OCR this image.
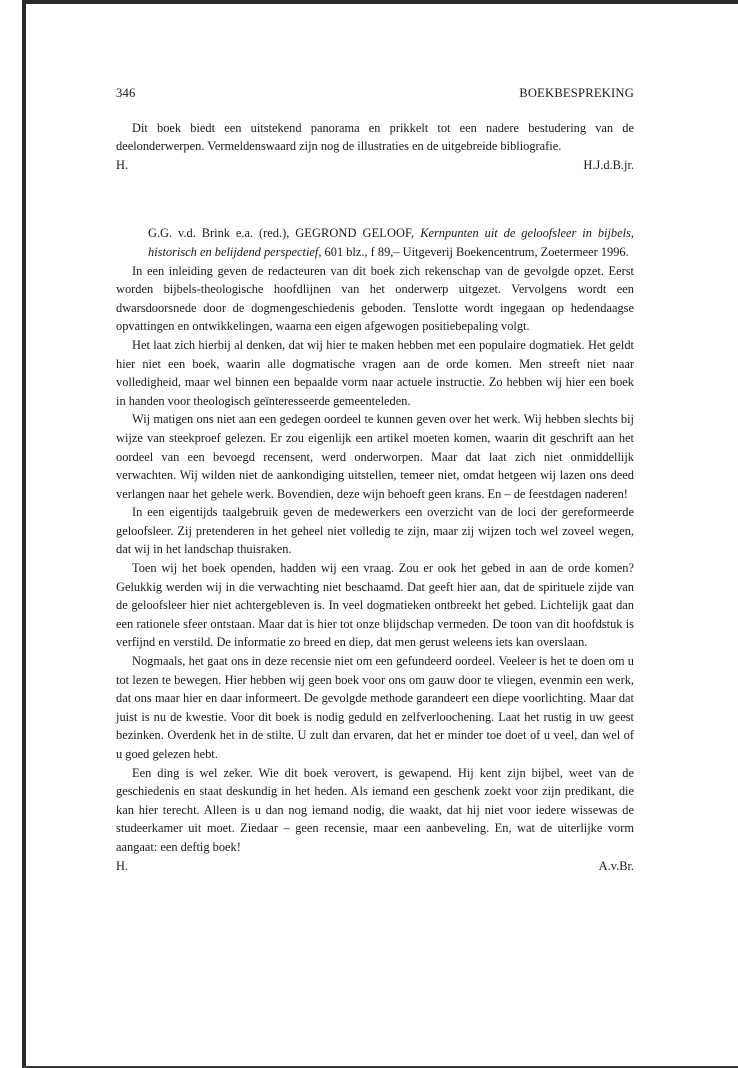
346	BOEKBESPREKING

Dit boek biedt een uitstekend panorama en prikkelt tot een nadere bestudering van de deelonderwerpen. Vermeldenswaard zijn nog de illustraties en de uitgebreide bibliografie.

H.	H.J.d.B.jr.

G.G. v.d. Brink e.a. (red.), GEGROND GELOOF, Kernpunten uit de geloofsleer in bijbels, historisch en belijdend perspectief, 601 blz., f 89,– Uitgeverij Boekencentrum, Zoetermeer 1996.

In een inleiding geven de redacteuren van dit boek zich rekenschap van de gevolgde opzet. Eerst worden bijbels-theologische hoofdlijnen van het onderwerp uitgezet. Vervolgens wordt een dwarsdoorsnede door de dogmengeschiedenis geboden. Tenslotte wordt ingegaan op hedendaagse opvattingen en ontwikkelingen, waarna een eigen afgewogen positiebepaling volgt.

Het laat zich hierbij al denken, dat wij hier te maken hebben met een populaire dogmatiek. Het geldt hier niet een boek, waarin alle dogmatische vragen aan de orde komen. Men streeft niet naar volledigheid, maar wel binnen een bepaalde vorm naar actuele instructie. Zo hebben wij hier een boek in handen voor theologisch geïnteresseerde gemeenteleden.

Wij matigen ons niet aan een gedegen oordeel te kunnen geven over het werk. Wij hebben slechts bij wijze van steekproef gelezen. Er zou eigenlijk een artikel moeten komen, waarin dit geschrift aan het oordeel van een bevoegd recensent, werd onderworpen. Maar dat laat zich niet onmiddellijk verwachten. Wij wilden niet de aankondiging uitstellen, temeer niet, omdat hetgeen wij lazen ons deed verlangen naar het gehele werk. Bovendien, deze wijn behoeft geen krans. En – de feestdagen naderen!

In een eigentijds taalgebruik geven de medewerkers een overzicht van de loci der gereformeerde geloofsleer. Zij pretenderen in het geheel niet volledig te zijn, maar zij wijzen toch wel zoveel wegen, dat wij in het landschap thuisraken.

Toen wij het boek openden, hadden wij een vraag. Zou er ook het gebed in aan de orde komen? Gelukkig werden wij in die verwachting niet beschaamd. Dat geeft hier aan, dat de spirituele zijde van de geloofsleer hier niet achtergebleven is. In veel dogmatieken ontbreekt het gebed. Lichtelijk gaat dan een rationele sfeer ontstaan. Maar dat is hier tot onze blijdschap vermeden. De toon van dit hoofdstuk is verfijnd en verstild. De informatie zo breed en diep, dat men gerust weleens iets kan overslaan.

Nogmaals, het gaat ons in deze recensie niet om een gefundeerd oordeel. Veeleer is het te doen om u tot lezen te bewegen. Hier hebben wij geen boek voor ons om gauw door te vliegen, evenmin een werk, dat ons maar hier en daar informeert. De gevolgde methode garandeert een diepe voorlichting. Maar dat juist is nu de kwestie. Voor dit boek is nodig geduld en zelfverloochening. Laat het rustig in uw geest bezinken. Overdenk het in de stilte. U zult dan ervaren, dat het er minder toe doet of u veel, dan wel of u goed gelezen hebt.

Een ding is wel zeker. Wie dit boek verovert, is gewapend. Hij kent zijn bijbel, weet van de geschiedenis en staat deskundig in het heden. Als iemand een geschenk zoekt voor zijn predikant, die kan hier terecht. Alleen is u dan nog iemand nodig, die waakt, dat hij niet voor iedere wissewas de studeerkamer uit moet. Ziedaar – geen recensie, maar een aanbeveling. En, wat de uiterlijke vorm aangaat: een deftig boek!

H.	A.v.Br.
